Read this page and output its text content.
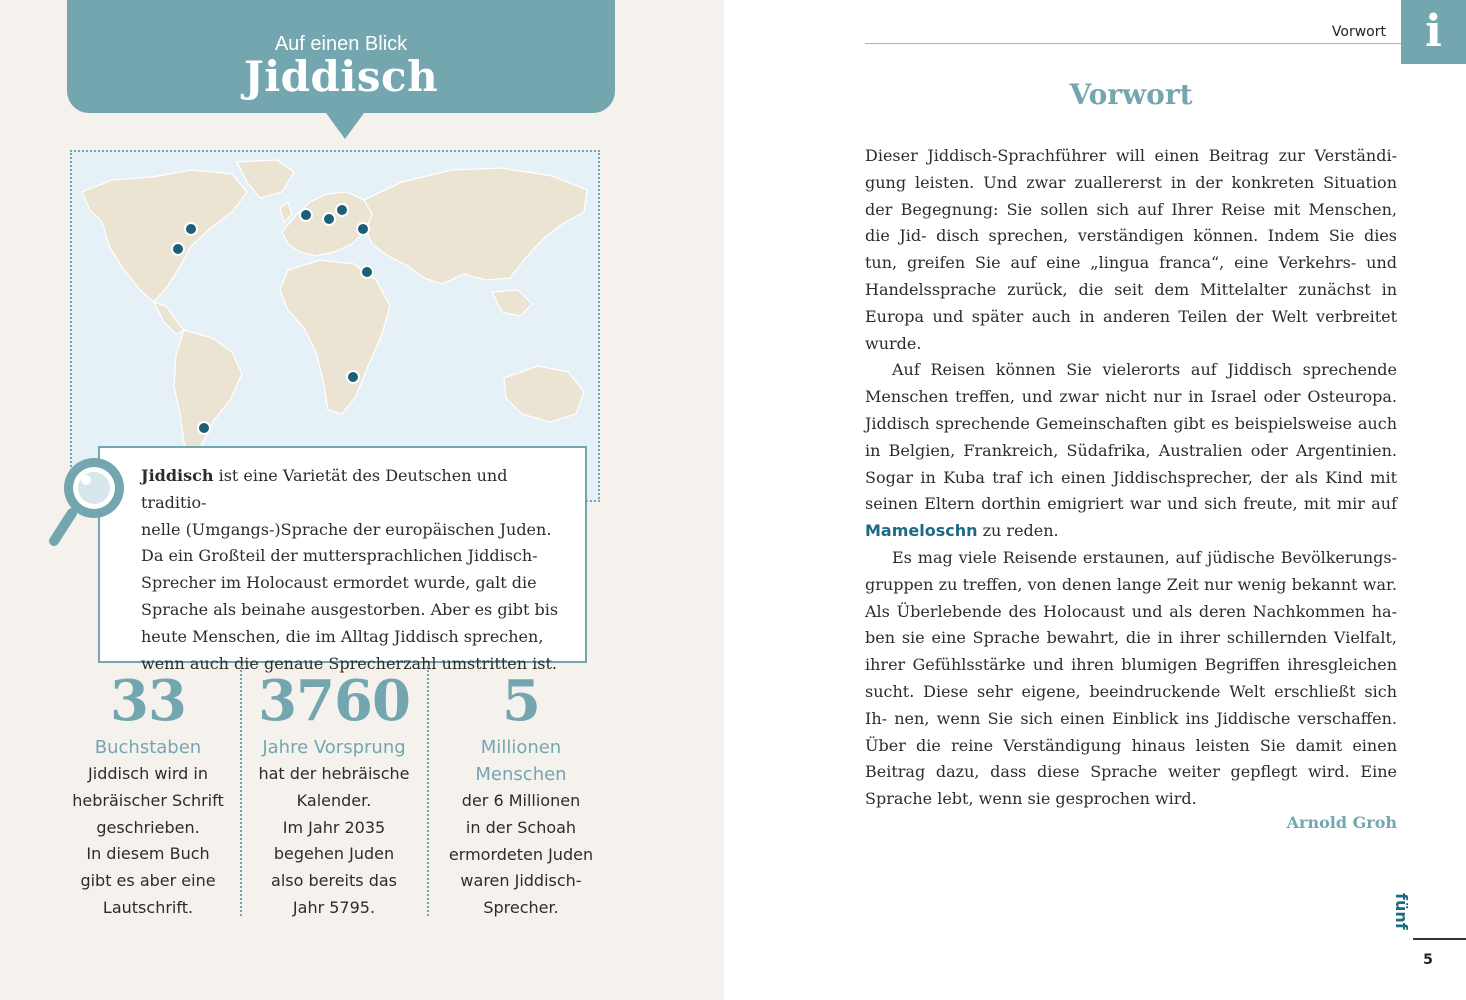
Auf einen Blick
Jiddisch
Jiddisch ist eine Varietät des Deutschen und traditio-
nelle (Umgangs-)Sprache der europäischen Juden.
Da ein Großteil der muttersprachlichen Jiddisch-
Sprecher im Holocaust ermordet wurde, galt die
Sprache als beinahe ausgestorben. Aber es gibt bis
heute Menschen, die im Alltag Jiddisch sprechen,
wenn auch die genaue Sprecherzahl umstritten ist.
33
Buchstaben
Jiddisch wird in
hebräischer Schrift
geschrieben.
In diesem Buch
gibt es aber eine
Lautschrift.
3760
Jahre Vorsprung
hat der hebräische
Kalender.
Im Jahr 2035
begehen Juden
also bereits das
Jahr 5795.
5
Millionen
Menschen
der 6 Millionen
in der Schoah
ermordeten Juden
waren Jiddisch-
Sprecher.
Vorwort i
Vorwort

Dieser Jiddisch-Sprachführer will einen Beitrag zur Verständi- gung leisten. Und zwar zuallererst in der konkreten Situation der Begegnung: Sie sollen sich auf Ihrer Reise mit Menschen, die Jid- disch sprechen, verständigen können. Indem Sie dies tun, greifen Sie auf eine „lingua franca“, eine Verkehrs- und Handelssprache zurück, die seit dem Mittelalter zunächst in Europa und später auch in anderen Teilen der Welt verbreitet wurde.

Auf Reisen können Sie vielerorts auf Jiddisch sprechende Menschen treffen, und zwar nicht nur in Israel oder Osteuropa. Jiddisch sprechende Gemeinschaften gibt es beispielsweise auch in Belgien, Frankreich, Südafrika, Australien oder Argentinien. Sogar in Kuba traf ich einen Jiddischsprecher, der als Kind mit seinen Eltern dorthin emigriert war und sich freute, mit mir auf Mameloschn zu reden.

Es mag viele Reisende erstaunen, auf jüdische Bevölkerungs- gruppen zu treffen, von denen lange Zeit nur wenig bekannt war. Als Überlebende des Holocaust und als deren Nachkommen ha- ben sie eine Sprache bewahrt, die in ihrer schillernden Vielfalt, ihrer Gefühlsstärke und ihren blumigen Begriffen ihresgleichen sucht. Diese sehr eigene, beeindruckende Welt erschließt sich Ih- nen, wenn Sie sich einen Einblick ins Jiddische verschaffen. Über die reine Verständigung hinaus leisten Sie damit einen Beitrag dazu, dass diese Sprache weiter gepflegt wird. Eine Sprache lebt, wenn sie gesprochen wird.

Arnold Groh
fünf
5
